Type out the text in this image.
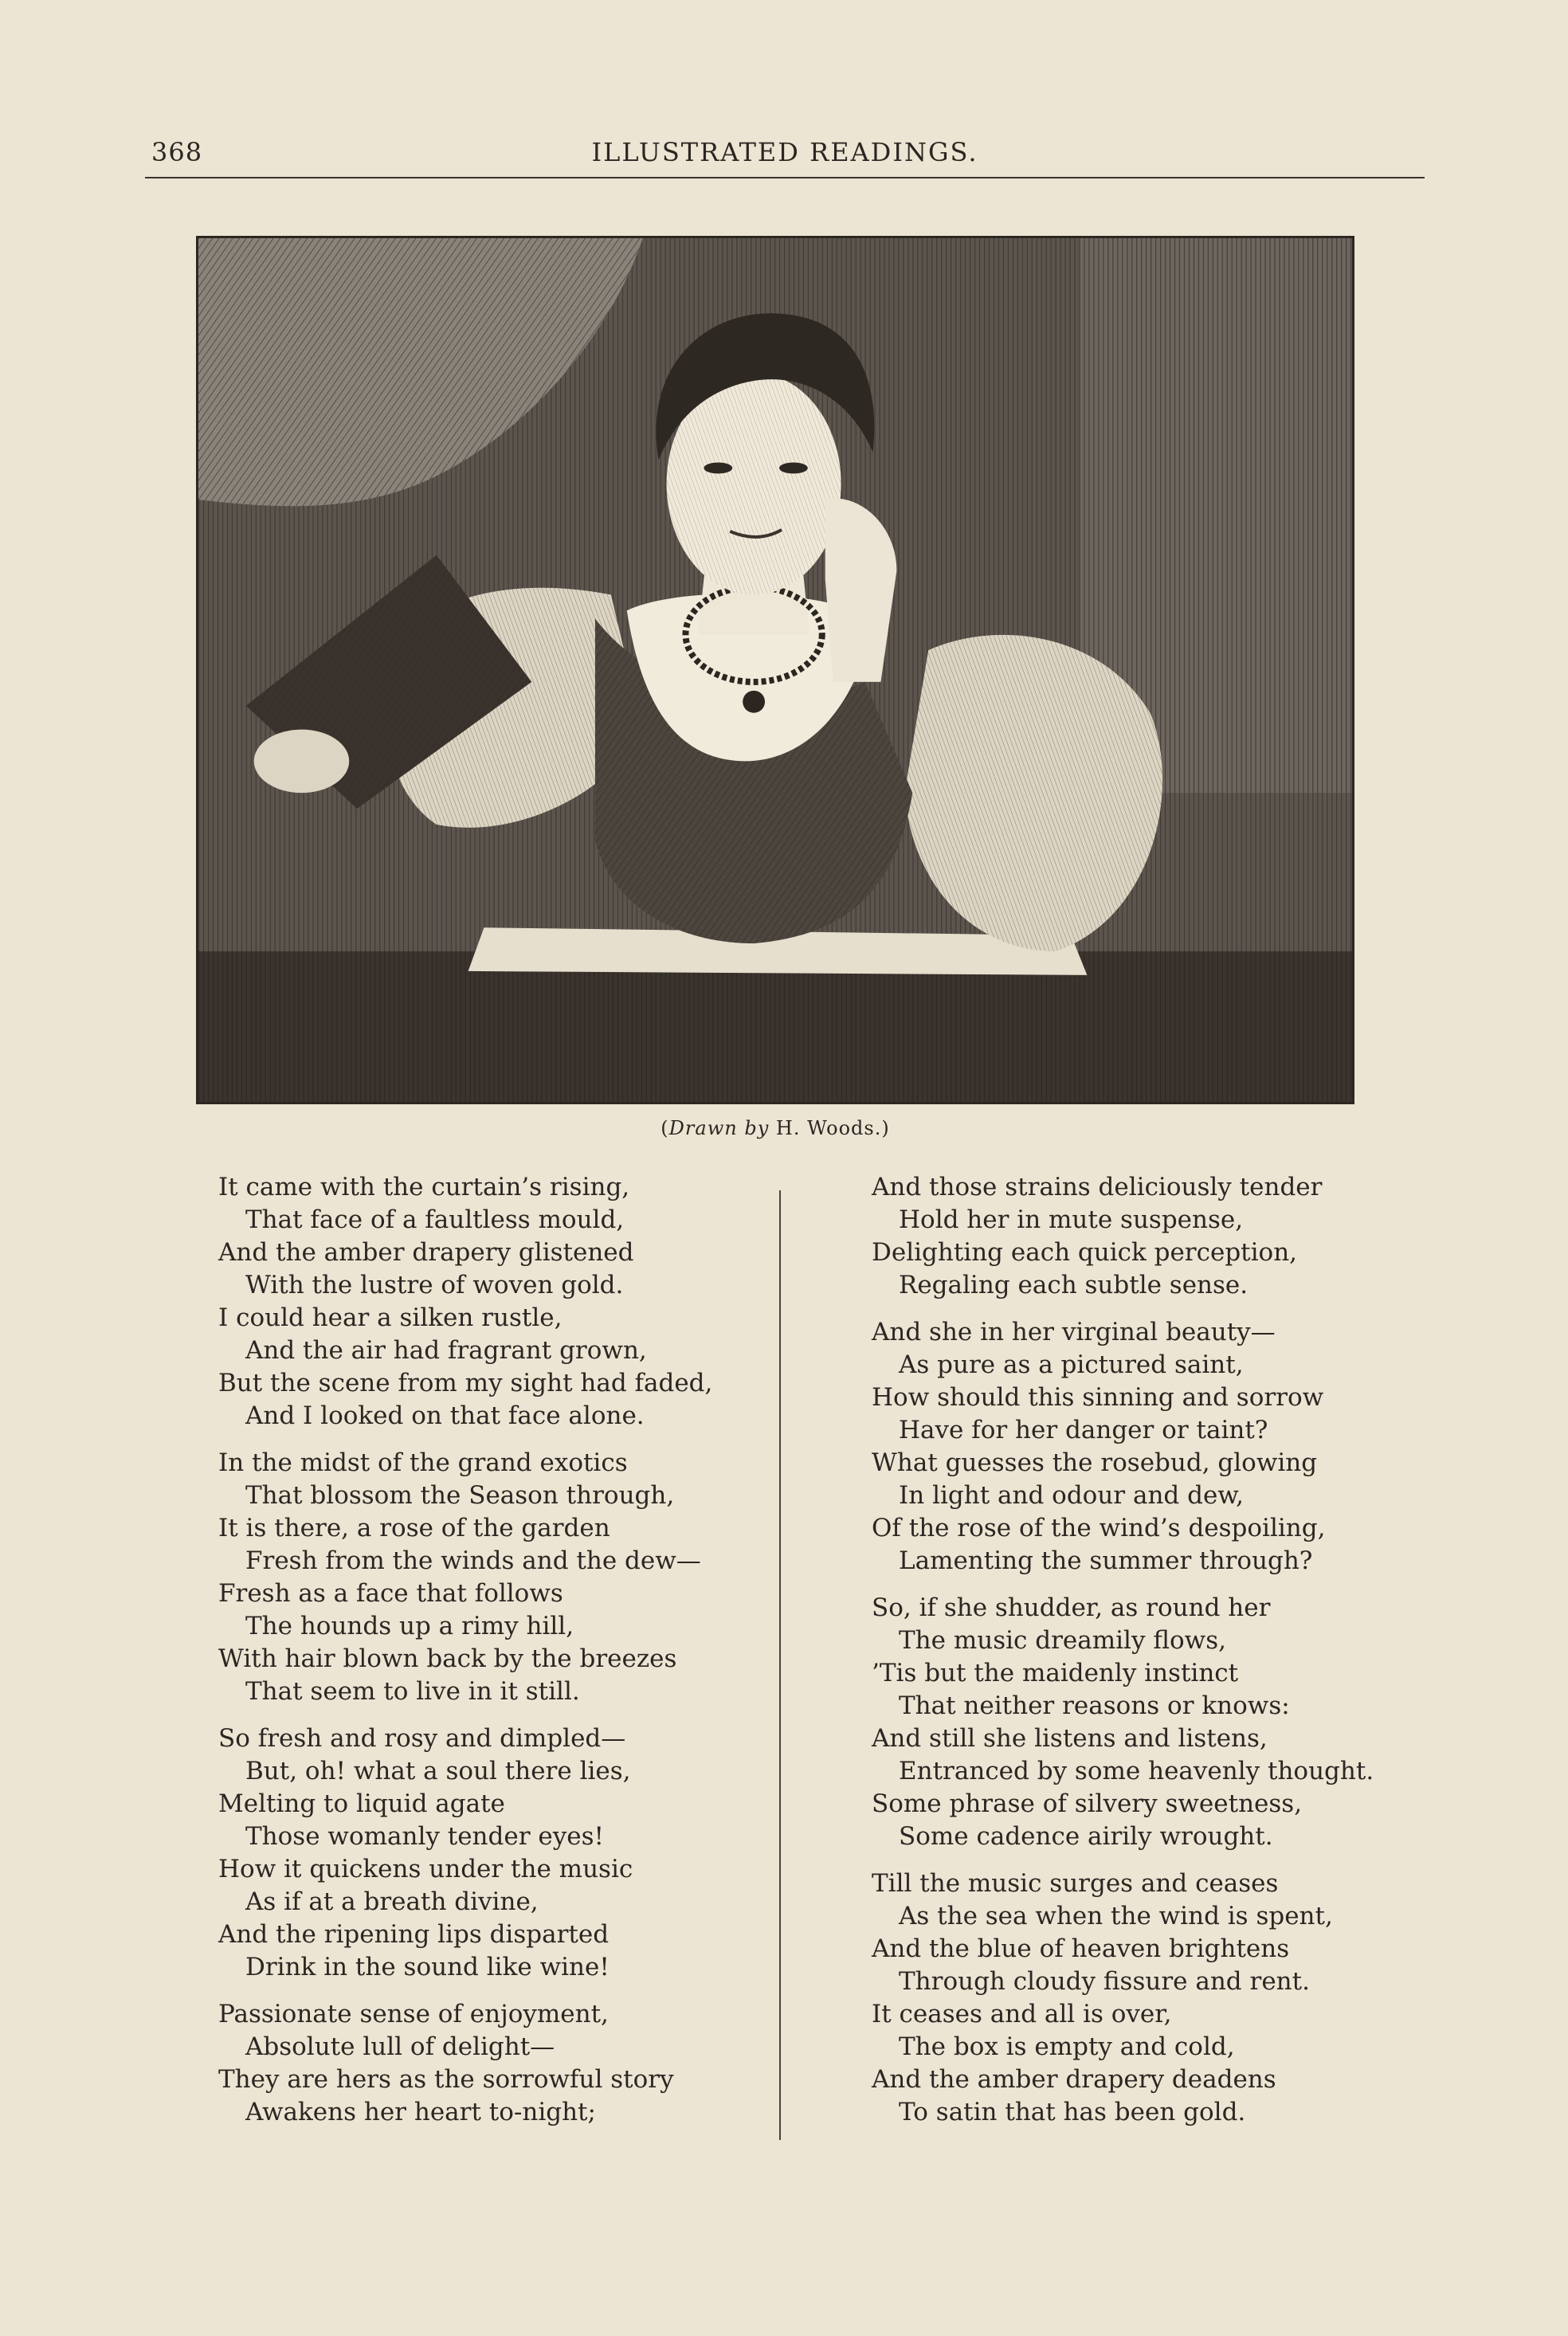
368	ILLUSTRATED READINGS.
(Drawn by H. Woods.)
It came with the curtain’s rising,
That face of a faultless mould,
And the amber drapery glistened
With the lustre of woven gold.
I could hear a silken rustle,
And the air had fragrant grown,
But the scene from my sight had faded,
And I looked on that face alone.
In the midst of the grand exotics
That blossom the Season through,
It is there, a rose of the garden
Fresh from the winds and the dew—
Fresh as a face that follows
The hounds up a rimy hill,
With hair blown back by the breezes
That seem to live in it still.
So fresh and rosy and dimpled—
But, oh! what a soul there lies,
Melting to liquid agate
Those womanly tender eyes!
How it quickens under the music
As if at a breath divine,
And the ripening lips disparted
Drink in the sound like wine!
Passionate sense of enjoyment,
Absolute lull of delight—
They are hers as the sorrowful story
Awakens her heart to-night;
And those strains deliciously tender
Hold her in mute suspense,
Delighting each quick perception,
Regaling each subtle sense.
And she in her virginal beauty—
As pure as a pictured saint,
How should this sinning and sorrow
Have for her danger or taint?
What guesses the rosebud, glowing
In light and odour and dew,
Of the rose of the wind’s despoiling,
Lamenting the summer through?
So, if she shudder, as round her
The music dreamily flows,
’Tis but the maidenly instinct
That neither reasons or knows:
And still she listens and listens,
Entranced by some heavenly thought.
Some phrase of silvery sweetness,
Some cadence airily wrought.
Till the music surges and ceases
As the sea when the wind is spent,
And the blue of heaven brightens
Through cloudy fissure and rent.
It ceases and all is over,
The box is empty and cold,
And the amber drapery deadens
To satin that has been gold.
